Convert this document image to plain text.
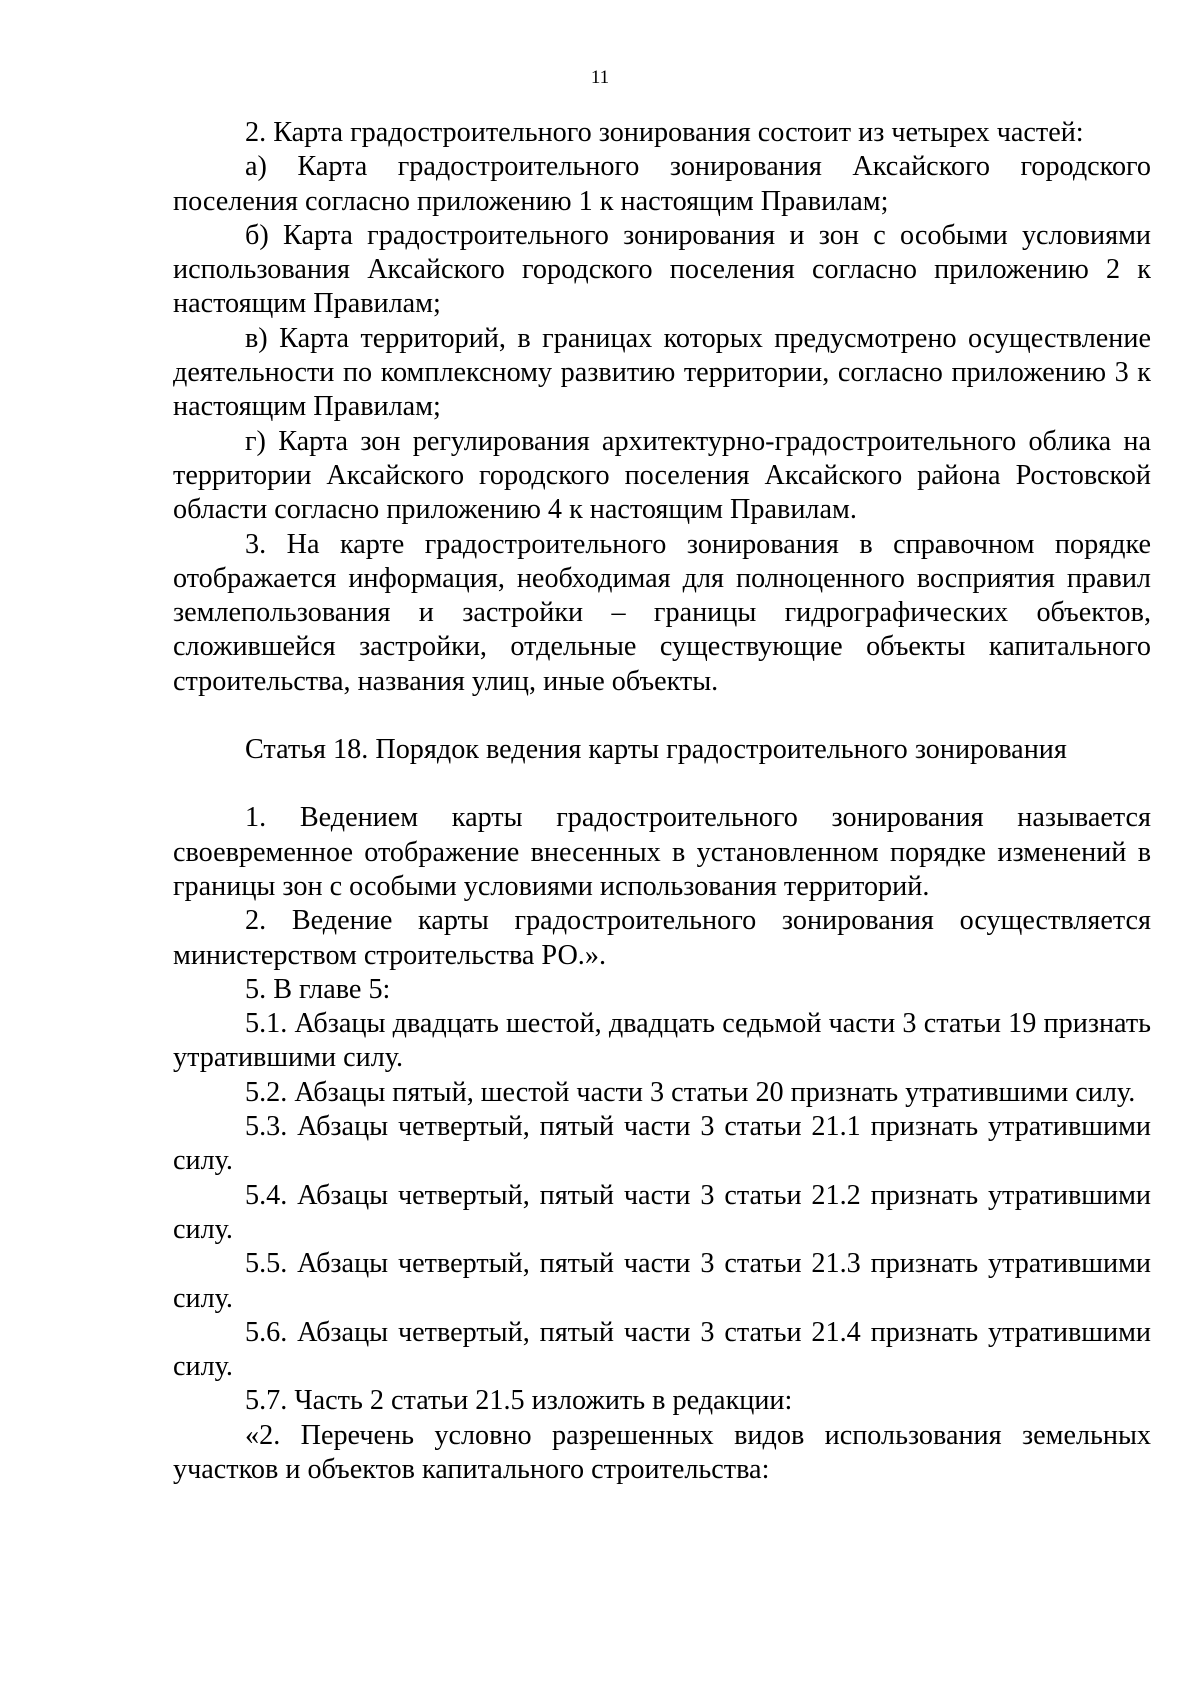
11

2. Карта градостроительного зонирования состоит из четырех частей:

а) Карта градостроительного зонирования Аксайского городского поселения согласно приложению 1 к настоящим Правилам;

б) Карта градостроительного зонирования и зон с особыми условиями использования Аксайского городского поселения согласно приложению 2 к настоящим Правилам;

в) Карта территорий, в границах которых предусмотрено осуществление деятельности по комплексному развитию территории, согласно приложению 3 к настоящим Правилам;

г) Карта зон регулирования архитектурно-градостроительного облика на территории Аксайского городского поселения Аксайского района Ростовской области согласно приложению 4 к настоящим Правилам.

3. На карте градостроительного зонирования в справочном порядке отображается информация, необходимая для полноценного восприятия правил землепользования и застройки – границы гидрографических объектов, сложившейся застройки, отдельные существующие объекты капитального строительства, названия улиц, иные объекты.

Статья 18. Порядок ведения карты градостроительного зонирования

1. Ведением карты градостроительного зонирования называется своевременное отображение внесенных в установленном порядке изменений в границы зон с особыми условиями использования территорий.

2. Ведение карты градостроительного зонирования осуществляется министерством строительства РО.».

5. В главе 5:

5.1. Абзацы двадцать шестой, двадцать седьмой части 3 статьи 19 признать утратившими силу.

5.2. Абзацы пятый, шестой части 3 статьи 20 признать утратившими силу.

5.3. Абзацы четвертый, пятый части 3 статьи 21.1 признать утратившими силу.

5.4. Абзацы четвертый, пятый части 3 статьи 21.2 признать утратившими силу.

5.5. Абзацы четвертый, пятый части 3 статьи 21.3 признать утратившими силу.

5.6. Абзацы четвертый, пятый части 3 статьи 21.4 признать утратившими силу.

5.7. Часть 2 статьи 21.5 изложить в редакции:

«2. Перечень условно разрешенных видов использования земельных участков и объектов капитального строительства:
